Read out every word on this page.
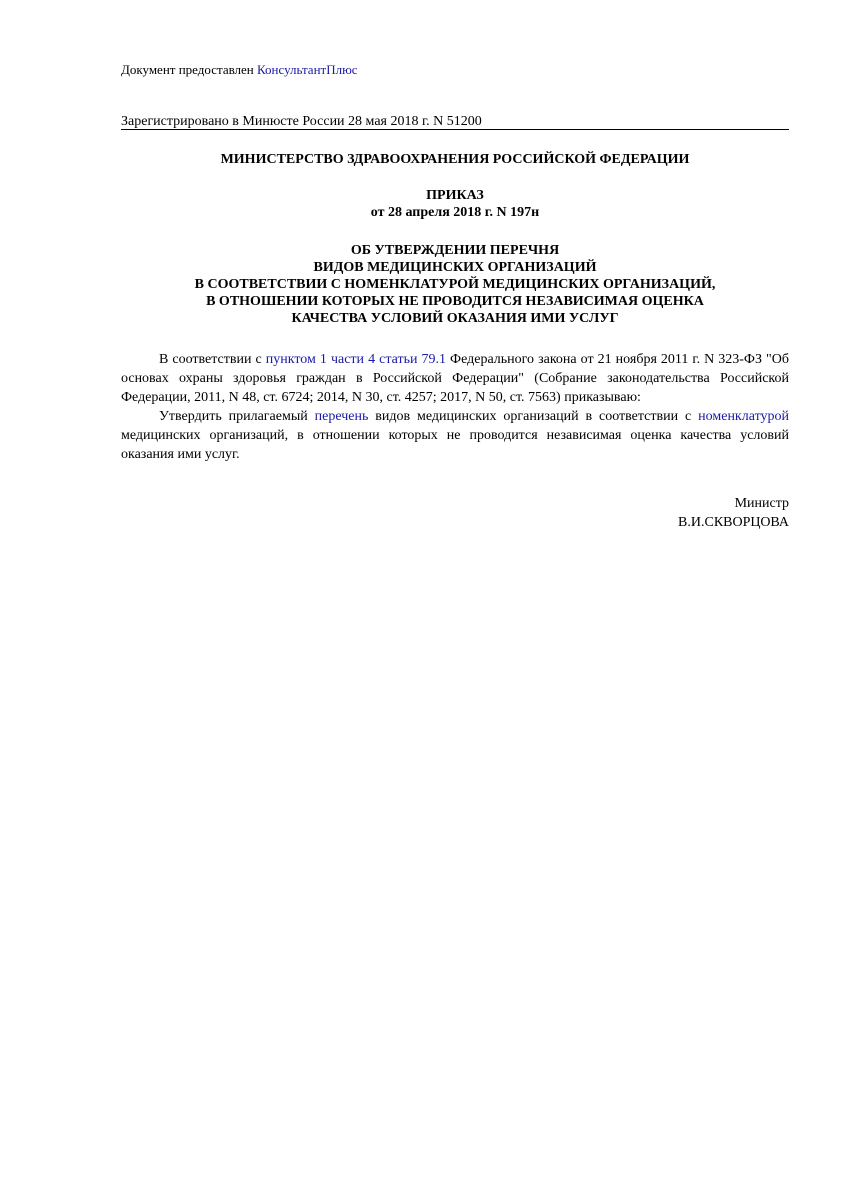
Документ предоставлен КонсультантПлюс
Зарегистрировано в Минюсте России 28 мая 2018 г. N 51200
МИНИСТЕРСТВО ЗДРАВООХРАНЕНИЯ РОССИЙСКОЙ ФЕДЕРАЦИИ
ПРИКАЗ
от 28 апреля 2018 г. N 197н
ОБ УТВЕРЖДЕНИИ ПЕРЕЧНЯ
ВИДОВ МЕДИЦИНСКИХ ОРГАНИЗАЦИЙ
В СООТВЕТСТВИИ С НОМЕНКЛАТУРОЙ МЕДИЦИНСКИХ ОРГАНИЗАЦИЙ,
В ОТНОШЕНИИ КОТОРЫХ НЕ ПРОВОДИТСЯ НЕЗАВИСИМАЯ ОЦЕНКА
КАЧЕСТВА УСЛОВИЙ ОКАЗАНИЯ ИМИ УСЛУГ

В соответствии с пунктом 1 части 4 статьи 79.1 Федерального закона от 21 ноября 2011 г. N 323-ФЗ "Об основах охраны здоровья граждан в Российской Федерации" (Собрание законодательства Российской Федерации, 2011, N 48, ст. 6724; 2014, N 30, ст. 4257; 2017, N 50, ст. 7563) приказываю:

Утвердить прилагаемый перечень видов медицинских организаций в соответствии с номенклатурой медицинских организаций, в отношении которых не проводится независимая оценка качества условий оказания ими услуг.

Министр
В.И.СКВОРЦОВА
